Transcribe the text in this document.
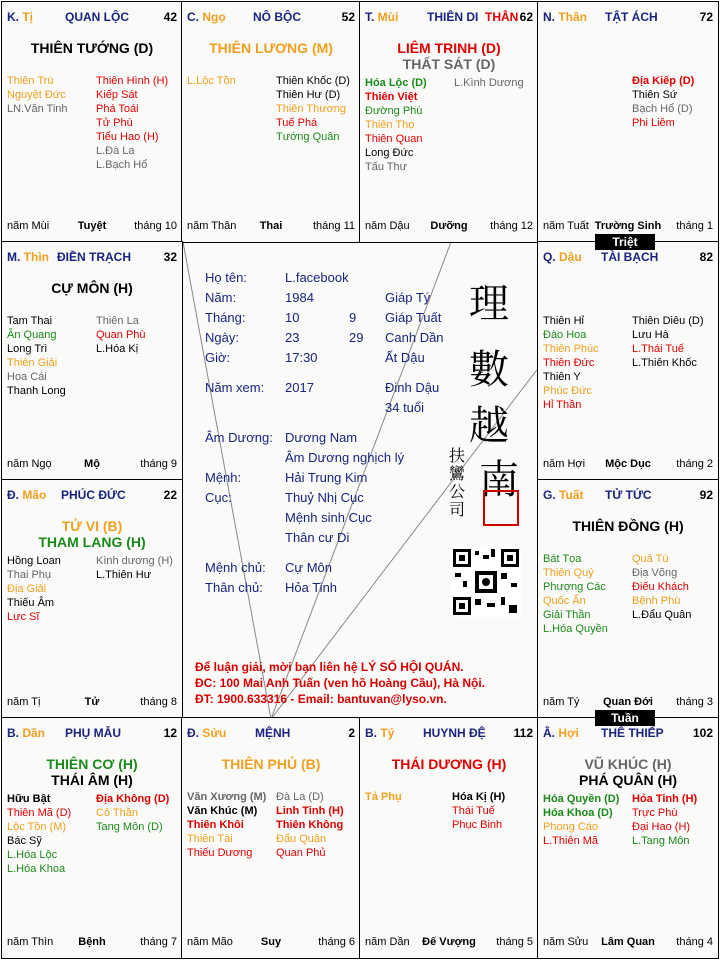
Họ tên:	L.facebook
Năm:	1984	Giáp Tý
Tháng:	10	9 Giáp Tuất
Ngày:	23	29 Canh Dần
Giờ:	17:30	Ất Dậu
Năm xem: 2017	Đinh Dậu
34 tuổi
Âm Dương: Dương Nam
Âm Dương nghịch lý
Mệnh:	Hải Trung Kim
Cục:	Thuỷ Nhị Cục
Mệnh sinh Cục
Thân cư Di
Mệnh chủ: Cự Môn
Thân chủ: Hỏa Tinh
理
數
越
南
扶
鸞
公
司
Để luận giải, mời bạn liên hệ LÝ SỐ HỘI QUÁN.
ĐC: 100 Mai Anh Tuấn (ven hồ Hoàng Cầu), Hà Nội.
ĐT: 1900.633316 - Email: bantuvan@lyso.vn.
K. Tị	QUAN LỘC	42
THIÊN TƯỚNG (D)
Thiên Trù
Nguyệt Đức
LN.Văn Tinh
Thiên Hình (H)
Kiếp Sát
Phá Toái
Tử Phù
Tiểu Hao (H)
L.Đà La
L.Bạch Hổ
năm Mùi	Tuyệt	tháng 10
C. Ngọ NÔ BỘC	52
THIÊN LƯƠNG (M)
L.Lộc Tồn	Thiên Khốc (D)
Thiên Hư (D)
Thiên Thương
Tuế Phá
Tướng Quân
năm Thân	Thai	tháng 11
T. Mùi THIÊN DI THÂN 62
LIÊM TRINH (D)
THẤT SÁT (D)
Hóa Lộc (D)
Thiên Việt
Đường Phù
Thiên Thọ
Thiên Quan
Long Đức
Tấu Thư
L.Kình Dương
năm Dậu	Dưỡng	tháng 12
N. Thân TẬT ÁCH	72
Địa Kiếp (D)
Thiên Sứ
Bạch Hổ (D)
Phi Liêm
năm Tuất Trường Sinh	tháng 1
M. Thìn ĐIỀN TRẠCH	32
CỰ MÔN (H)
Tam Thai
Ân Quang
Long Trì
Thiên Giải
Hoa Cái
Thanh Long
Thiên La
Quan Phù
L.Hóa Kị
năm Ngọ	Mộ	tháng 9
Q. Dậu TÀI BẠCH	82
Thiên Hỉ
Đào Hoa
Thiên Phúc
Thiên Đức
Thiên Y
Phúc Đức
Hỉ Thần
Thiên Diêu (D)
Lưu Hà
L.Thái Tuế
L.Thiên Khốc
năm Hợi	Mộc Dục	tháng 2
Đ. Mão PHÚC ĐỨC	22
TỬ VI (B)
THAM LANG (H)
Hồng Loan
Thai Phụ
Địa Giải
Thiếu Âm
Lực Sĩ
Kình dương (H)
L.Thiên Hư
năm Tị	Tử	tháng 8
G. Tuất TỬ TỨC	92
THIÊN ĐỒNG (H)
Bát Tọa
Thiên Quý
Phượng Các
Quốc Ấn
Giải Thần
L.Hóa Quyền
Quả Tú
Địa Võng
Điếu Khách
Bệnh Phù
L.Đẩu Quân
năm Tý	Quan Đới	tháng 3
B. Dần PHỤ MẪU	12
THIÊN CƠ (H)
THÁI ÂM (H)
Hữu Bật
Thiên Mã (D)
Lộc Tồn (M)
Bác Sỹ
L.Hóa Lộc
L.Hóa Khoa
Địa Không (D)
Cô Thần
Tang Môn (D)
năm Thìn	Bệnh	tháng 7
Đ. Sửu MỆNH	2
THIÊN PHỦ (B)
Văn Xương (M)
Văn Khúc (M)
Thiên Khôi
Thiên Tài
Thiếu Dương
Đà La (D)
Linh Tinh (H)
Thiên Không
Đẩu Quân
Quan Phủ
năm Mão	Suy	tháng 6
B. Tý HUYNH ĐỆ 112
THÁI DƯƠNG (H)
Tả Phụ	Hóa Kị (H)
Thái Tuế
Phục Binh
năm Dần	Đế Vượng	tháng 5
Â. Hợi THÊ THIẾP 102
VŨ KHÚC (H)
PHÁ QUÂN (H)
Hóa Quyền (D)
Hóa Khoa (D)
Phong Cáo
L.Thiên Mã
Hỏa Tinh (H)
Trực Phù
Đại Hao (H)
L.Tang Môn
năm Sửu	Lâm Quan	tháng 4
Triệt
Tuần
